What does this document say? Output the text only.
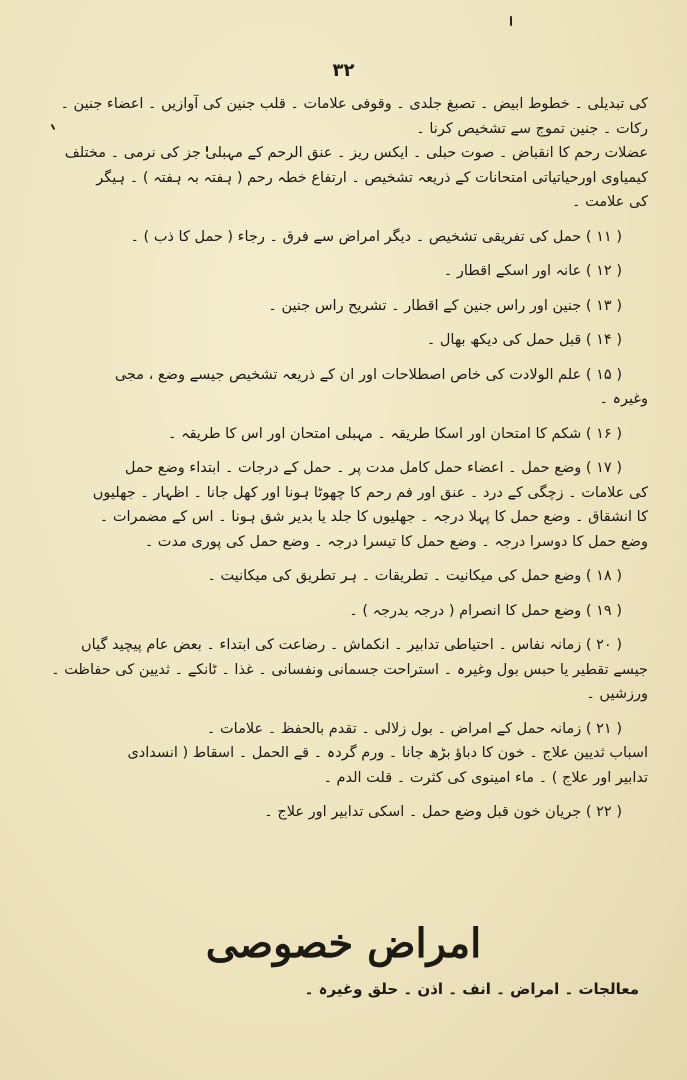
۳۲
کی تبدیلی ۔ خطوط ابیض ۔ تصبغ جلدی ۔ وقوفی علامات ۔ قلب جنین کی آوازیں ۔ اعضاء جنین ۔
رکات ۔ جنین تموج سے تشخیص کرنا ۔
عضلات رحم کا انقباض ۔ صوت حبلی ۔ ایکس ریز ۔ عنق الرحم کے مہبلی جز کی نرمی ۔ مختلف
کیمیاوی اورحیاتیاتی امتحانات کے ذریعہ تشخیص ۔ ارتفاع خطہ رحم ( ہفتہ بہ ہفتہ ) ۔ ہیگر
کی علامت ۔
( ۱۱ ) حمل کی تفریقی تشخیص ۔ دیگر امراض سے فرق ۔ رجاء ( حمل کا ذب ) ۔
( ۱۲ ) عانہ اور اسکے اقطار ۔
( ۱۳ ) جنین اور راس جنین کے اقطار ۔ تشریح راس جنین ۔
( ۱۴ ) قبل حمل کی دیکھ بھال ۔
( ۱۵ ) علم الولادت کی خاص اصطلاحات اور ان کے ذریعہ تشخیص جیسے وضع ، مجی
وغیرہ ۔
( ۱۶ ) شکم کا امتحان اور اسکا طریقہ ۔ مہبلی امتحان اور اس کا طریقہ ۔
( ۱۷ ) وضع حمل ۔ اعضاء حمل کامل مدت پر ۔ حمل کے درجات ۔ ابتداء وضع حمل
کی علامات ۔ زچگی کے درد ۔ عنق اور فم رحم کا چھوٹا ہونا اور کھل جانا ۔ اظہار ۔ جھلیوں
کا انشقاق ۔ وضع حمل کا پہلا درجہ ۔ جھلیوں کا جلد یا بدیر شق ہونا ۔ اس کے مضمرات ۔
وضع حمل کا دوسرا درجہ ۔ وضع حمل کا تیسرا درجہ ۔ وضع حمل کی پوری مدت ۔
( ۱۸ ) وضع حمل کی میکانیت ۔ تطریقات ۔ ہر تطریق کی میکانیت ۔
( ۱۹ ) وضع حمل کا انصرام ( درجہ بدرجہ ) ۔
( ۲۰ ) زمانہ نفاس ۔ احتیاطی تدابیر ۔ انکماش ۔ رضاعت کی ابتداء ۔ بعض عام پیچید گیاں
جیسے تقطیر یا حبس بول وغیرہ ۔ استراحت جسمانی ونفسانی ۔ غذا ۔ ٹانکے ۔ ثدیین کی حفاظت ۔
ورزشیں ۔
( ۲۱ ) زمانہ حمل کے امراض ۔ بول زلالی ۔ تقدم بالحفظ ۔ علامات ۔
اسباب ثدیین علاج ۔ خون کا دباؤ بڑھ جانا ۔ ورم گردہ ۔ قے الحمل ۔ اسقاط ( انسدادی
تدابیر اور علاج ) ۔ ماء امینوی کی کثرت ۔ قلت الدم ۔
( ۲۲ ) جریان خون قبل وضع حمل ۔ اسکی تدابیر اور علاج ۔
امراض خصوصی
معالجات ۔ امراض ۔ انف ۔ اذن ۔ حلق وغیرہ ۔
